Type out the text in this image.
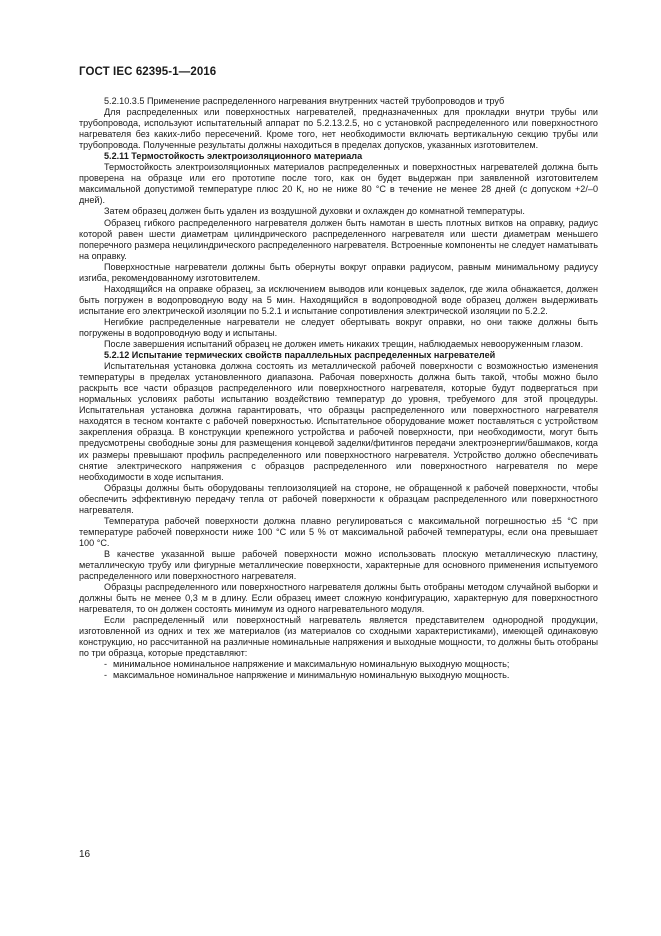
ГОСТ IEC 62395-1—2016

5.2.10.3.5 Применение распределенного нагревания внутренних частей трубопроводов и труб

Для распределенных или поверхностных нагревателей, предназначенных для прокладки внутри трубы или трубопровода, используют испытательный аппарат по 5.2.13.2.5, но с установкой распределенного или поверхностного нагревателя без каких-либо пересечений. Кроме того, нет необходимости включать вертикальную секцию трубы или трубопровода. Полученные результаты должны находиться в пределах допусков, указанных изготовителем.

5.2.11 Термостойкость электроизоляционного материала

Термостойкость электроизоляционных материалов распределенных и поверхностных нагревателей должна быть проверена на образце или его прототипе после того, как он будет выдержан при заявленной изготовителем максимальной допустимой температуре плюс 20 К, но не ниже 80 °С в течение не менее 28 дней (с допуском +2/–0 дней).

Затем образец должен быть удален из воздушной духовки и охлажден до комнатной температуры.

Образец гибкого распределенного нагревателя должен быть намотан в шесть плотных витков на оправку, радиус которой равен шести диаметрам цилиндрического распределенного нагревателя или шести диаметрам меньшего поперечного размера нецилиндрического распределенного нагревателя. Встроенные компоненты не следует наматывать на оправку.

Поверхностные нагреватели должны быть обернуты вокруг оправки радиусом, равным минимальному радиусу изгиба, рекомендованному изготовителем.

Находящийся на оправке образец, за исключением выводов или концевых заделок, где жила обнажается, должен быть погружен в водопроводную воду на 5 мин. Находящийся в водопроводной воде образец должен выдерживать испытание его электрической изоляции по 5.2.1 и испытание сопротивления электрической изоляции по 5.2.2.

Негибкие распределенные нагреватели не следует обертывать вокруг оправки, но они также должны быть погружены в водопроводную воду и испытаны.

После завершения испытаний образец не должен иметь никаких трещин, наблюдаемых невооруженным глазом.

5.2.12 Испытание термических свойств параллельных распределенных нагревателей

Испытательная установка должна состоять из металлической рабочей поверхности с возможностью изменения температуры в пределах установленного диапазона. Рабочая поверхность должна быть такой, чтобы можно было раскрыть все части образцов распределенного или поверхностного нагревателя, которые будут подвергаться при нормальных условиях работы испытанию воздействию температур до уровня, требуемого для этой процедуры. Испытательная установка должна гарантировать, что образцы распределенного или поверхностного нагревателя находятся в тесном контакте с рабочей поверхностью. Испытательное оборудование может поставляться с устройством закрепления образца. В конструкции крепежного устройства и рабочей поверхности, при необходимости, могут быть предусмотрены свободные зоны для размещения концевой заделки/фитингов передачи электроэнергии/башмаков, когда их размеры превышают профиль распределенного или поверхностного нагревателя. Устройство должно обеспечивать снятие электрического напряжения с образцов распределенного или поверхностного нагревателя по мере необходимости в ходе испытания.

Образцы должны быть оборудованы теплоизоляцией на стороне, не обращенной к рабочей поверхности, чтобы обеспечить эффективную передачу тепла от рабочей поверхности к образцам распределенного или поверхностного нагревателя.

Температура рабочей поверхности должна плавно регулироваться с максимальной погрешностью ±5 °С при температуре рабочей поверхности ниже 100 °С или 5 % от максимальной рабочей температуры, если она превышает 100 °С.

В качестве указанной выше рабочей поверхности можно использовать плоскую металлическую пластину, металлическую трубу или фигурные металлические поверхности, характерные для основного применения испытуемого распределенного или поверхностного нагревателя.

Образцы распределенного или поверхностного нагревателя должны быть отобраны методом случайной выборки и должны быть не менее 0,3 м в длину. Если образец имеет сложную конфигурацию, характерную для поверхностного нагревателя, то он должен состоять минимум из одного нагревательного модуля.

Если распределенный или поверхностный нагреватель является представителем однородной продукции, изготовленной из одних и тех же материалов (из материалов со сходными характеристиками), имеющей одинаковую конструкцию, но рассчитанной на различные номинальные напряжения и выходные мощности, то должны быть отобраны по три образца, которые представляют:

- минимальное номинальное напряжение и максимальную номинальную выходную мощность;
- максимальное номинальное напряжение и минимальную номинальную выходную мощность.
16
